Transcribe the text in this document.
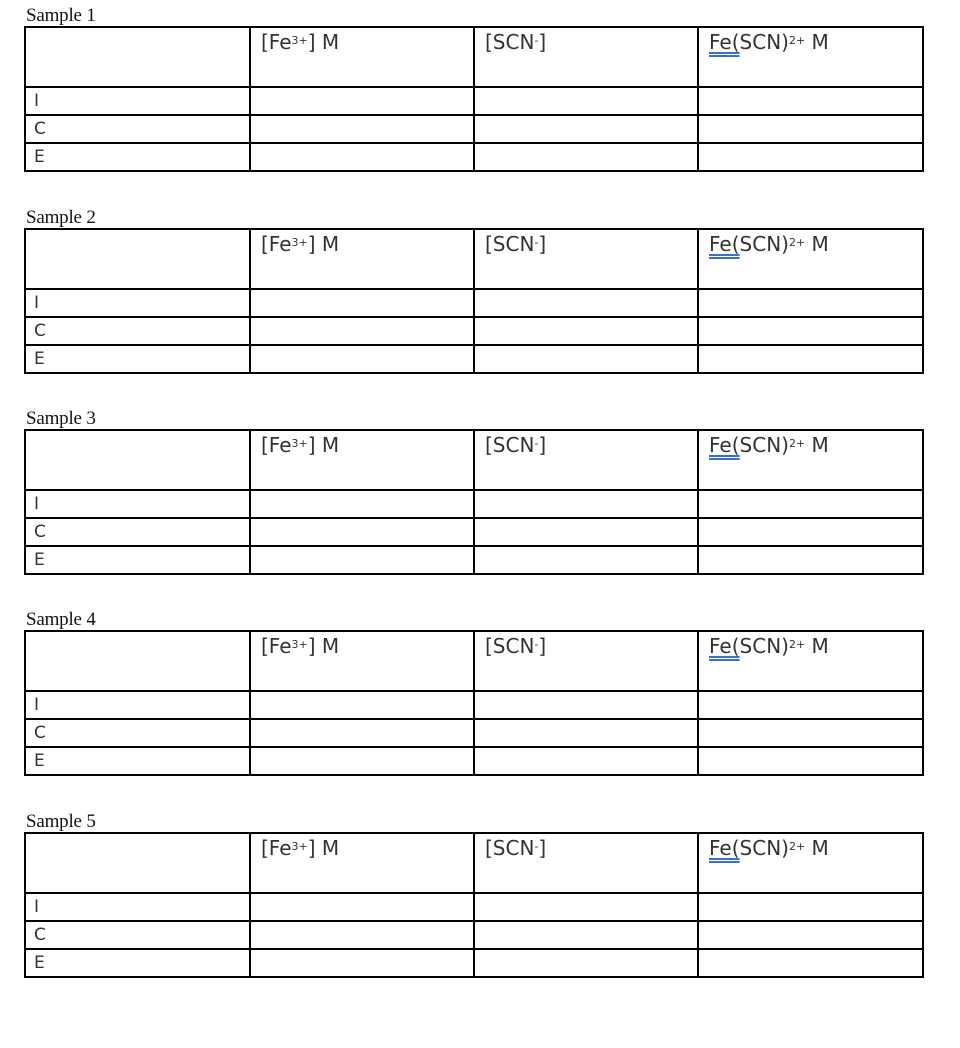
Sample 1

	$[Fe^{3+}]$ M	[SCN-]	Fe(SCN)$^{2+}$ M

I			

C			

E			

Sample 2

	$[Fe^{3+}]$ M	[SCN-]	Fe(SCN)$^{2+}$ M

I			

C			

E			

Sample 3

	$[Fe^{3+}]$ M	[SCN-]	Fe(SCN)$^{2+}$ M

I			

C			

E			

Sample 4

	$[Fe^{3+}]$ M	[SCN-]	Fe(SCN)$^{2+}$ M

I			

C			

E			

Sample 5

	$[Fe^{3+}]$ M	[SCN-]	Fe(SCN)$^{2+}$ M

I			

C			

E			
